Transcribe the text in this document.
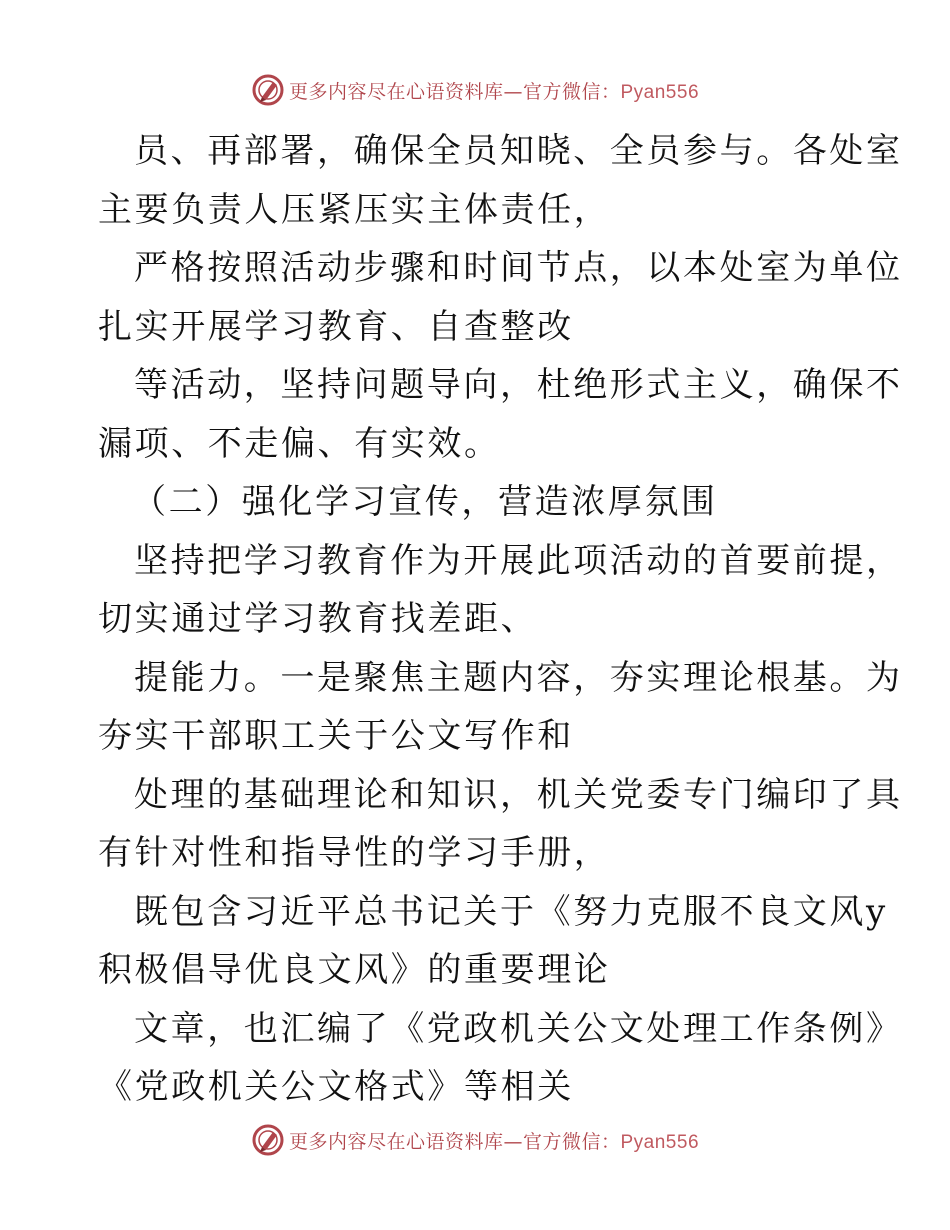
更多内容尽在心语资料库—官方微信：Pyan556
员、再部署，确保全员知晓、全员参与。各处室
主要负责人压紧压实主体责任，
严格按照活动步骤和时间节点，以本处室为单位
扎实开展学习教育、自查整改
等活动，坚持问题导向，杜绝形式主义，确保不
漏项、不走偏、有实效。
（二）强化学习宣传，营造浓厚氛围
坚持把学习教育作为开展此项活动的首要前提，
切实通过学习教育找差距、
提能力。一是聚焦主题内容，夯实理论根基。为
夯实干部职工关于公文写作和
处理的基础理论和知识，机关党委专门编印了具
有针对性和指导性的学习手册，
既包含习近平总书记关于《努力克服不良文风y
积极倡导优良文风》的重要理论
文章，也汇编了《党政机关公文处理工作条例》
《党政机关公文格式》等相关
更多内容尽在心语资料库—官方微信：Pyan556
